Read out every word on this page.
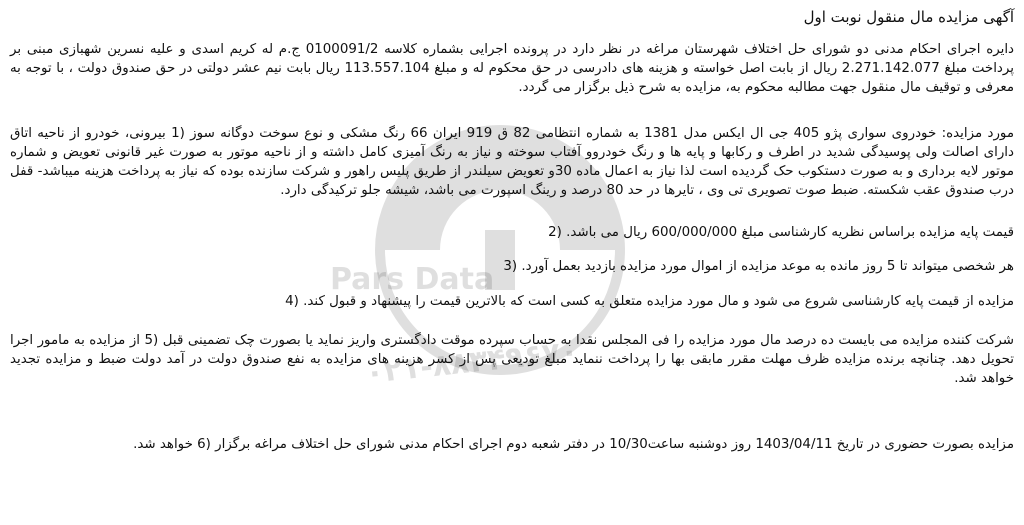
Pars Data
۰۲۱-۸۸۳۴۹۶۷۰
آگهی مزایده مال منقول نوبت اول

دایره اجرای احکام مدنی دو شورای حل اختلاف شهرستان مراغه در نظر دارد در پرونده اجرایی بشماره کلاسه 0100091/2 ج.م له کریم اسدی و علیه نسرین شهبازی مبنی بر پرداخت مبلغ 2.271.142.077 ریال از بابت اصل خواسته و هزینه های دادرسی در حق محکوم له و مبلغ 113.557.104 ریال بابت نیم عشر دولتی در حق صندوق دولت ، با توجه به معرفی و توقیف مال منقول جهت مطالبه محکوم به، مزایده به شرح ذیل برگزار می گردد.

مورد مزایده: خودروی سواری پژو 405 جی ال ایکس مدل 1381 به شماره انتظامی 82 ق 919 ایران 66 رنگ مشکی و نوع سوخت دوگانه سوز (1 بیرونی، خودرو از ناحیه اتاق دارای اصالت ولی پوسیدگی شدید در اطرف و رکابها و پایه ها و رنگ خودروو آفتاب سوخته و نیاز به رنگ آمیزی کامل داشته و از ناحیه موتور به صورت غیر قانونی تعویض و شماره موتور لایه برداری و به صورت دستکوب حک گردیده است لذا نیاز به اعمال ماده 30و تعویض سیلندر از طریق پلیس راهور و شرکت سازنده بوده که نیاز به پرداخت هزینه میباشد- قفل درب صندوق عقب شکسته. ضبط صوت تصویری تی وی ، تایرها در حد 80 درصد و رینگ اسپورت می باشد، شیشه جلو ترکیدگی دارد.

قیمت پایه مزایده براساس نظریه کارشناسی مبلغ 600/000/000 ریال می باشد. (2

هر شخصی میتواند تا 5 روز مانده به موعد مزایده از اموال مورد مزایده بازدید بعمل آورد. (3

مزایده از قیمت پایه کارشناسی شروع می شود و مال مورد مزایده متعلق به کسی است که بالاترین قیمت را پیشنهاد و قبول کند. (4

شرکت کننده مزایده می بایست ده درصد مال مورد مزایده را فی المجلس نقدا به حساب سپرده موقت دادگستری واریز نماید یا بصورت چک تضمینی قبل (5 از مزایده به مامور اجرا تحویل دهد. چنانچه برنده مزایده ظرف مهلت مقرر مابقی بها را پرداخت ننماید مبلغ تودیعی پس از کسر هزینه های مزایده به نفع صندوق دولت در آمد دولت ضبط و مزایده تجدید خواهد شد.

مزایده بصورت حضوری در تاریخ 1403/04/11 روز دوشنبه ساعت10/30 در دفتر شعبه دوم اجرای احکام مدنی شورای حل اختلاف مراغه برگزار (6 خواهد شد.
